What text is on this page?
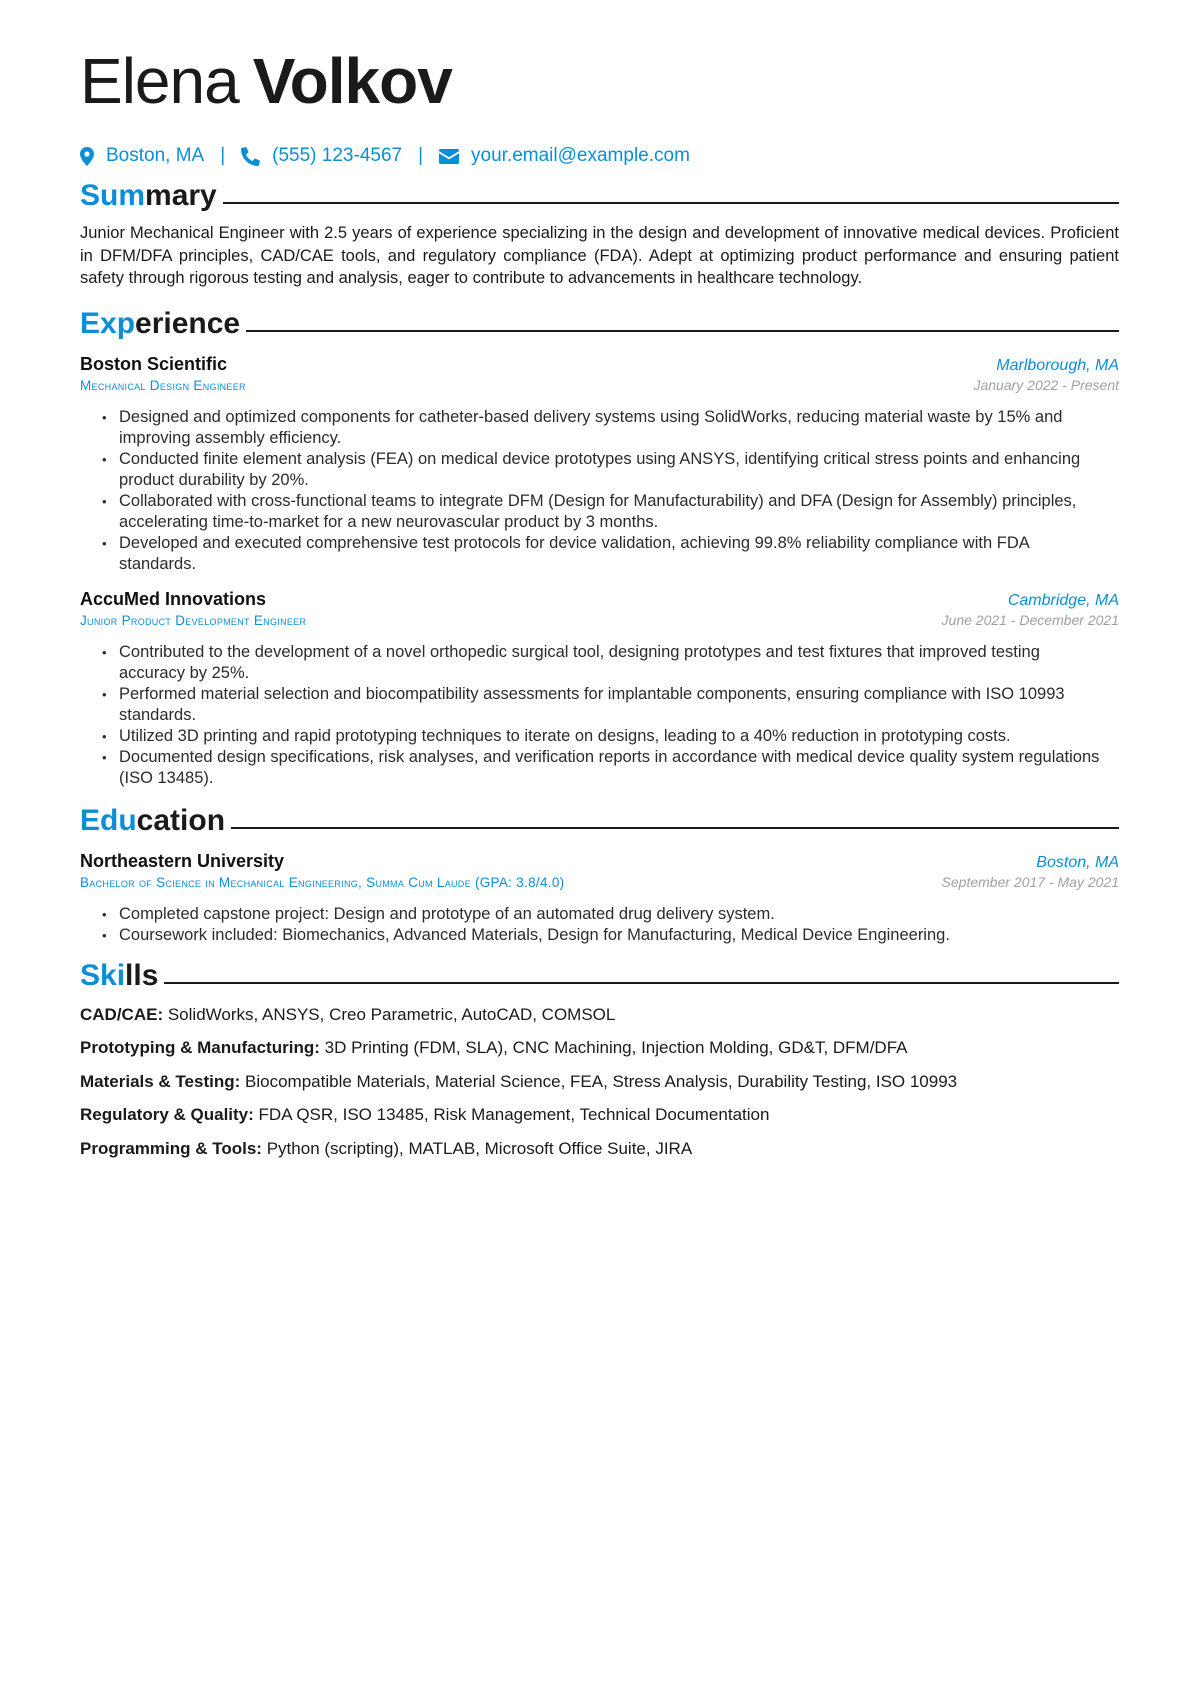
Elena Volkov
Boston, MA | (555) 123-4567 |	your.email@example.com
Summary
Junior Mechanical Engineer with 2.5 years of experience specializing in the design and development of innovative medical devices. Proficient in DFM/DFA principles, CAD/CAE tools, and regulatory compliance (FDA). Adept at optimizing product performance and ensuring patient safety through rigorous testing and analysis, eager to contribute to advancements in healthcare technology.
Experience
Boston Scientific	Marlborough, MA
Mechanical Design Engineer	January 2022 - Present
• Designed and optimized components for catheter-based delivery systems using SolidWorks, reducing material waste by 15% and improving assembly efficiency.
• Conducted finite element analysis (FEA) on medical device prototypes using ANSYS, identifying critical stress points and enhancing product durability by 20%.
• Collaborated with cross-functional teams to integrate DFM (Design for Manufacturability) and DFA (Design for Assembly) principles, accelerating time-to-market for a new neurovascular product by 3 months.
• Developed and executed comprehensive test protocols for device validation, achieving 99.8% reliability compliance with FDA standards.
AccuMed Innovations	Cambridge, MA
Junior Product Development Engineer	June 2021 - December 2021
• Contributed to the development of a novel orthopedic surgical tool, designing prototypes and test fixtures that improved testing accuracy by 25%.
• Performed material selection and biocompatibility assessments for implantable components, ensuring compliance with ISO 10993 standards.
• Utilized 3D printing and rapid prototyping techniques to iterate on designs, leading to a 40% reduction in prototyping costs.
• Documented design specifications, risk analyses, and verification reports in accordance with medical device quality system regulations (ISO 13485).
Education
Northeastern University	Boston, MA
Bachelor of Science in Mechanical Engineering, Summa Cum Laude (GPA: 3.8/4.0)	September 2017 - May 2021
• Completed capstone project: Design and prototype of an automated drug delivery system.
• Coursework included: Biomechanics, Advanced Materials, Design for Manufacturing, Medical Device Engineering.
Skills
CAD/CAE: SolidWorks, ANSYS, Creo Parametric, AutoCAD, COMSOL
Prototyping & Manufacturing: 3D Printing (FDM, SLA), CNC Machining, Injection Molding, GD&T, DFM/DFA
Materials & Testing: Biocompatible Materials, Material Science, FEA, Stress Analysis, Durability Testing, ISO 10993
Regulatory & Quality: FDA QSR, ISO 13485, Risk Management, Technical Documentation
Programming & Tools: Python (scripting), MATLAB, Microsoft Office Suite, JIRA
